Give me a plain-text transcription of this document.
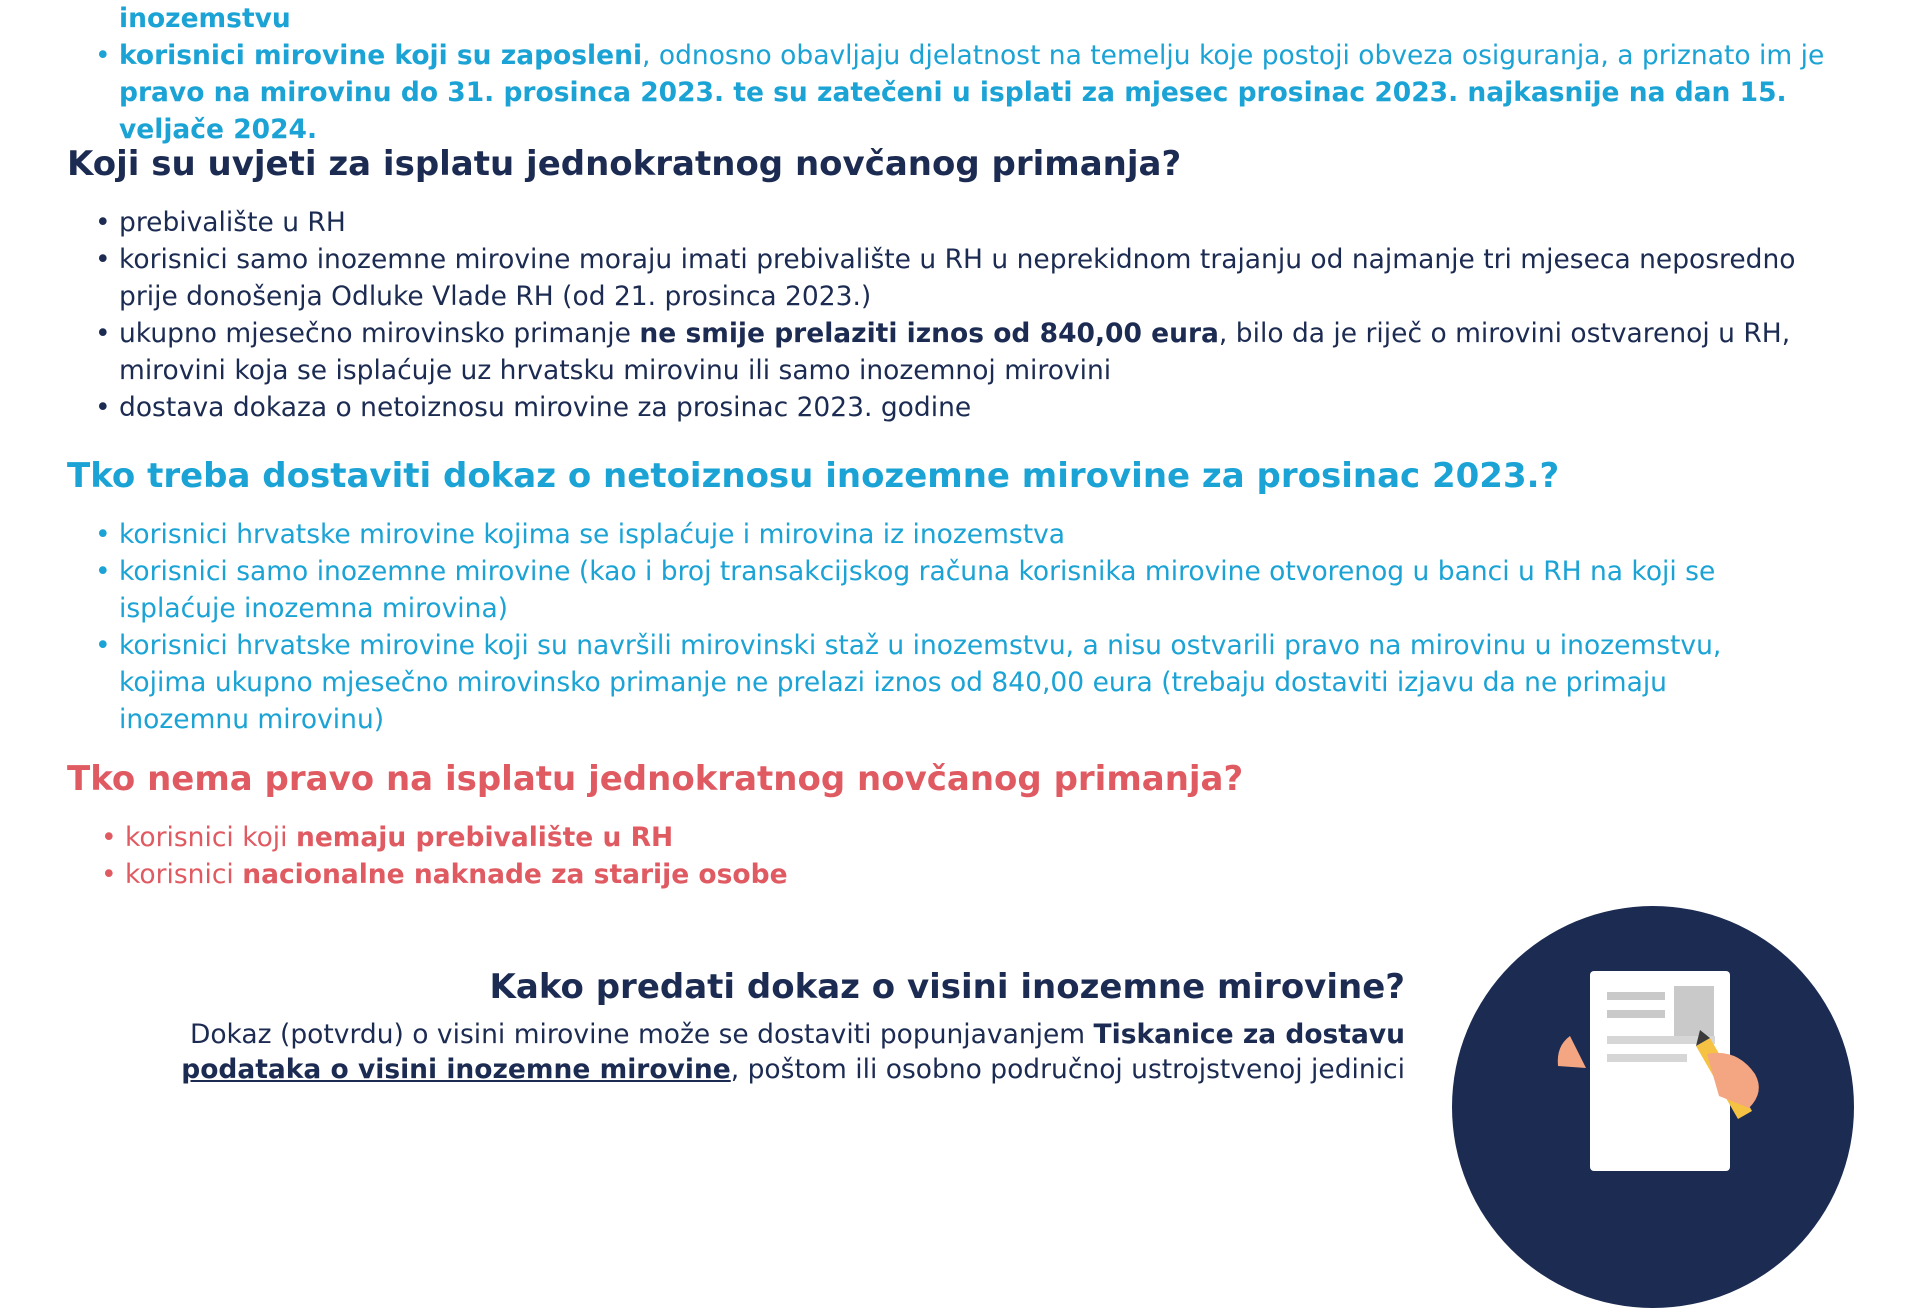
inozemstvu
• korisnici mirovine koji su zaposleni, odnosno obavljaju djelatnost na temelju koje postoji obveza osiguranja, a priznato im je
pravo na mirovinu do 31. prosinca 2023. te su zatečeni u isplati za mjesec prosinac 2023. najkasnije na dan 15. veljače 2024.
Koji su uvjeti za isplatu jednokratnog novčanog primanja?
• prebivalište u RH
• korisnici samo inozemne mirovine moraju imati prebivalište u RH u neprekidnom trajanju od najmanje tri mjeseca neposredno
prije donošenja Odluke Vlade RH (od 21. prosinca 2023.)
• ukupno mjesečno mirovinsko primanje ne smije prelaziti iznos od 840,00 eura, bilo da je riječ o mirovini ostvarenoj u RH,
mirovini koja se isplaćuje uz hrvatsku mirovinu ili samo inozemnoj mirovini
• dostava dokaza o netoiznosu mirovine za prosinac 2023. godine
Tko treba dostaviti dokaz o netoiznosu inozemne mirovine za prosinac 2023.?
• korisnici hrvatske mirovine kojima se isplaćuje i mirovina iz inozemstva
• korisnici samo inozemne mirovine (kao i broj transakcijskog računa korisnika mirovine otvorenog u banci u RH na koji se
isplaćuje inozemna mirovina)
• korisnici hrvatske mirovine koji su navršili mirovinski staž u inozemstvu, a nisu ostvarili pravo na mirovinu u inozemstvu,
kojima ukupno mjesečno mirovinsko primanje ne prelazi iznos od 840,00 eura (trebaju dostaviti izjavu da ne primaju
inozemnu mirovinu)
Tko nema pravo na isplatu jednokratnog novčanog primanja?
• korisnici koji nemaju prebivalište u RH
• korisnici nacionalne naknade za starije osobe
Kako predati dokaz o visini inozemne mirovine?
Dokaz (potvrdu) o visini mirovine može se dostaviti popunjavanjem Tiskanice za dostavu
podataka o visini inozemne mirovine, poštom ili osobno područnoj ustrojstvenoj jedinici
